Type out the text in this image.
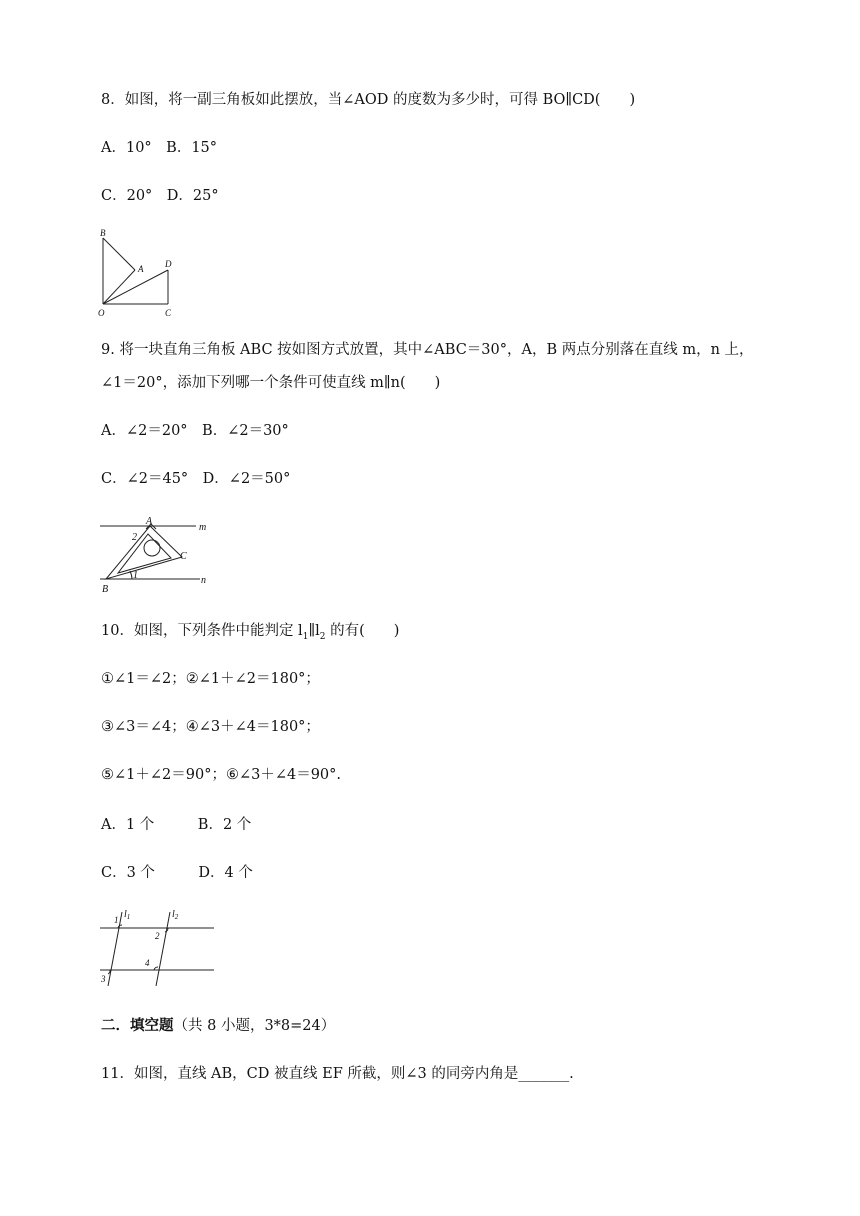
8．如图，将一副三角板如此摆放，当∠AOD 的度数为多少时，可得 BO∥CD(　　)
A．10°　B．15°
C．20°　D．25°
B
A D
O	C
9. 将一块直角三角板 ABC 按如图方式放置，其中∠ABC＝30°，A，B 两点分别落在直线 m，n 上，
∠1＝20°，添加下列哪一个条件可使直线 m∥n(　　)
A．∠2＝20°　B．∠2＝30°
C．∠2＝45°　D．∠2＝50°
A
m
2
C
1	n
B
10．如图，下列条件中能判定 $l_1\parallel l_2$ 的有(　　)
①∠1＝∠2；②∠1＋∠2＝180°；
③∠3＝∠4；④∠3＋∠4＝180°；
⑤∠1＋∠2＝90°；⑥∠3＋∠4＝90°.
A．1 个　　　B．2 个
C．3 个　　　D．4 个
1 $l_1$	$l_2$
2
4
3
二．填空题（共 8 小题，3*8=24）
11．如图，直线 AB，CD 被直线 EF 所截，则∠3 的同旁内角是_______.
